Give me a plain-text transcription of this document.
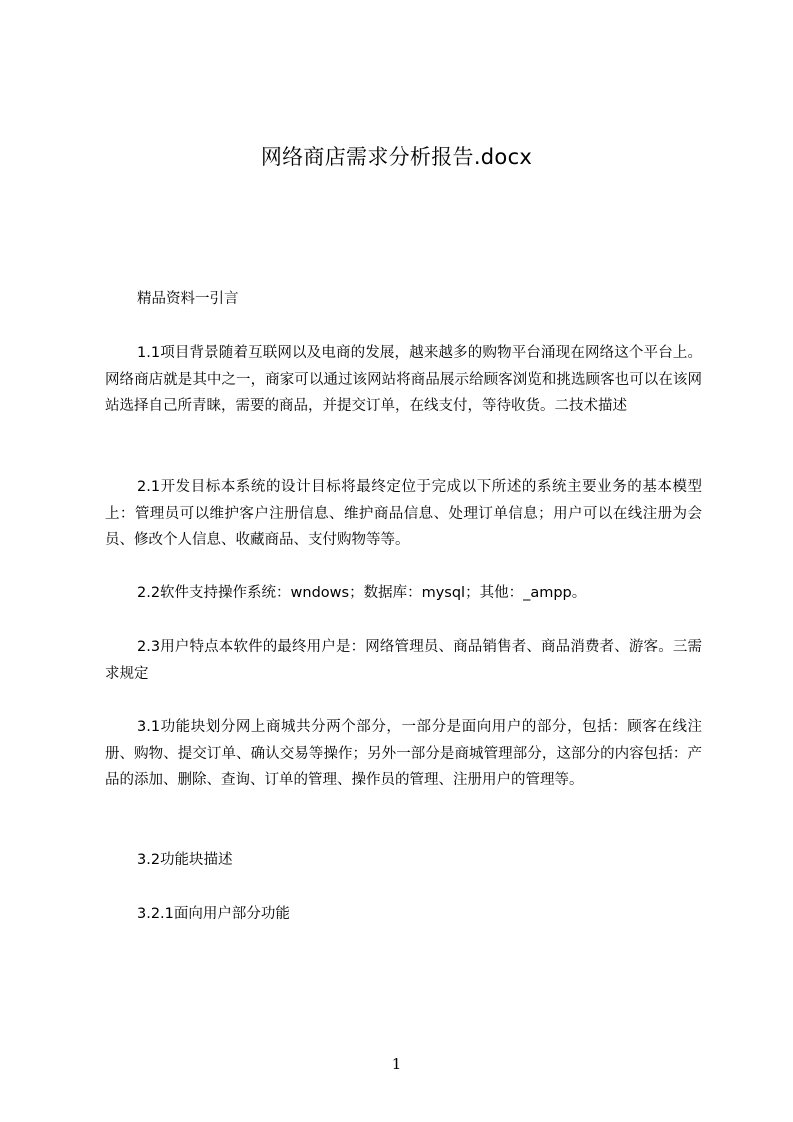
网络商店需求分析报告.docx

精品资料一引言

1.1项目背景随着互联网以及电商的发展，越来越多的购物平台涌现在网络这个平台上。网络商店就是其中之一，商家可以通过该网站将商品展示给顾客浏览和挑选顾客也可以在该网站选择自己所青睐，需要的商品，并提交订单，在线支付，等待收货。二技术描述

2.1开发目标本系统的设计目标将最终定位于完成以下所述的系统主要业务的基本模型上：管理员可以维护客户注册信息、维护商品信息、处理订单信息；用户可以在线注册为会员、修改个人信息、收藏商品、支付购物等等。

2.2软件支持操作系统：wndows；数据库：mysql；其他：_ampp。

2.3用户特点本软件的最终用户是：网络管理员、商品销售者、商品消费者、游客。三需求规定

3.1功能块划分网上商城共分两个部分，一部分是面向用户的部分，包括：顾客在线注册、购物、提交订单、确认交易等操作；另外一部分是商城管理部分，这部分的内容包括：产品的添加、删除、查询、订单的管理、操作员的管理、注册用户的管理等。

3.2功能块描述

3.2.1面向用户部分功能

1
